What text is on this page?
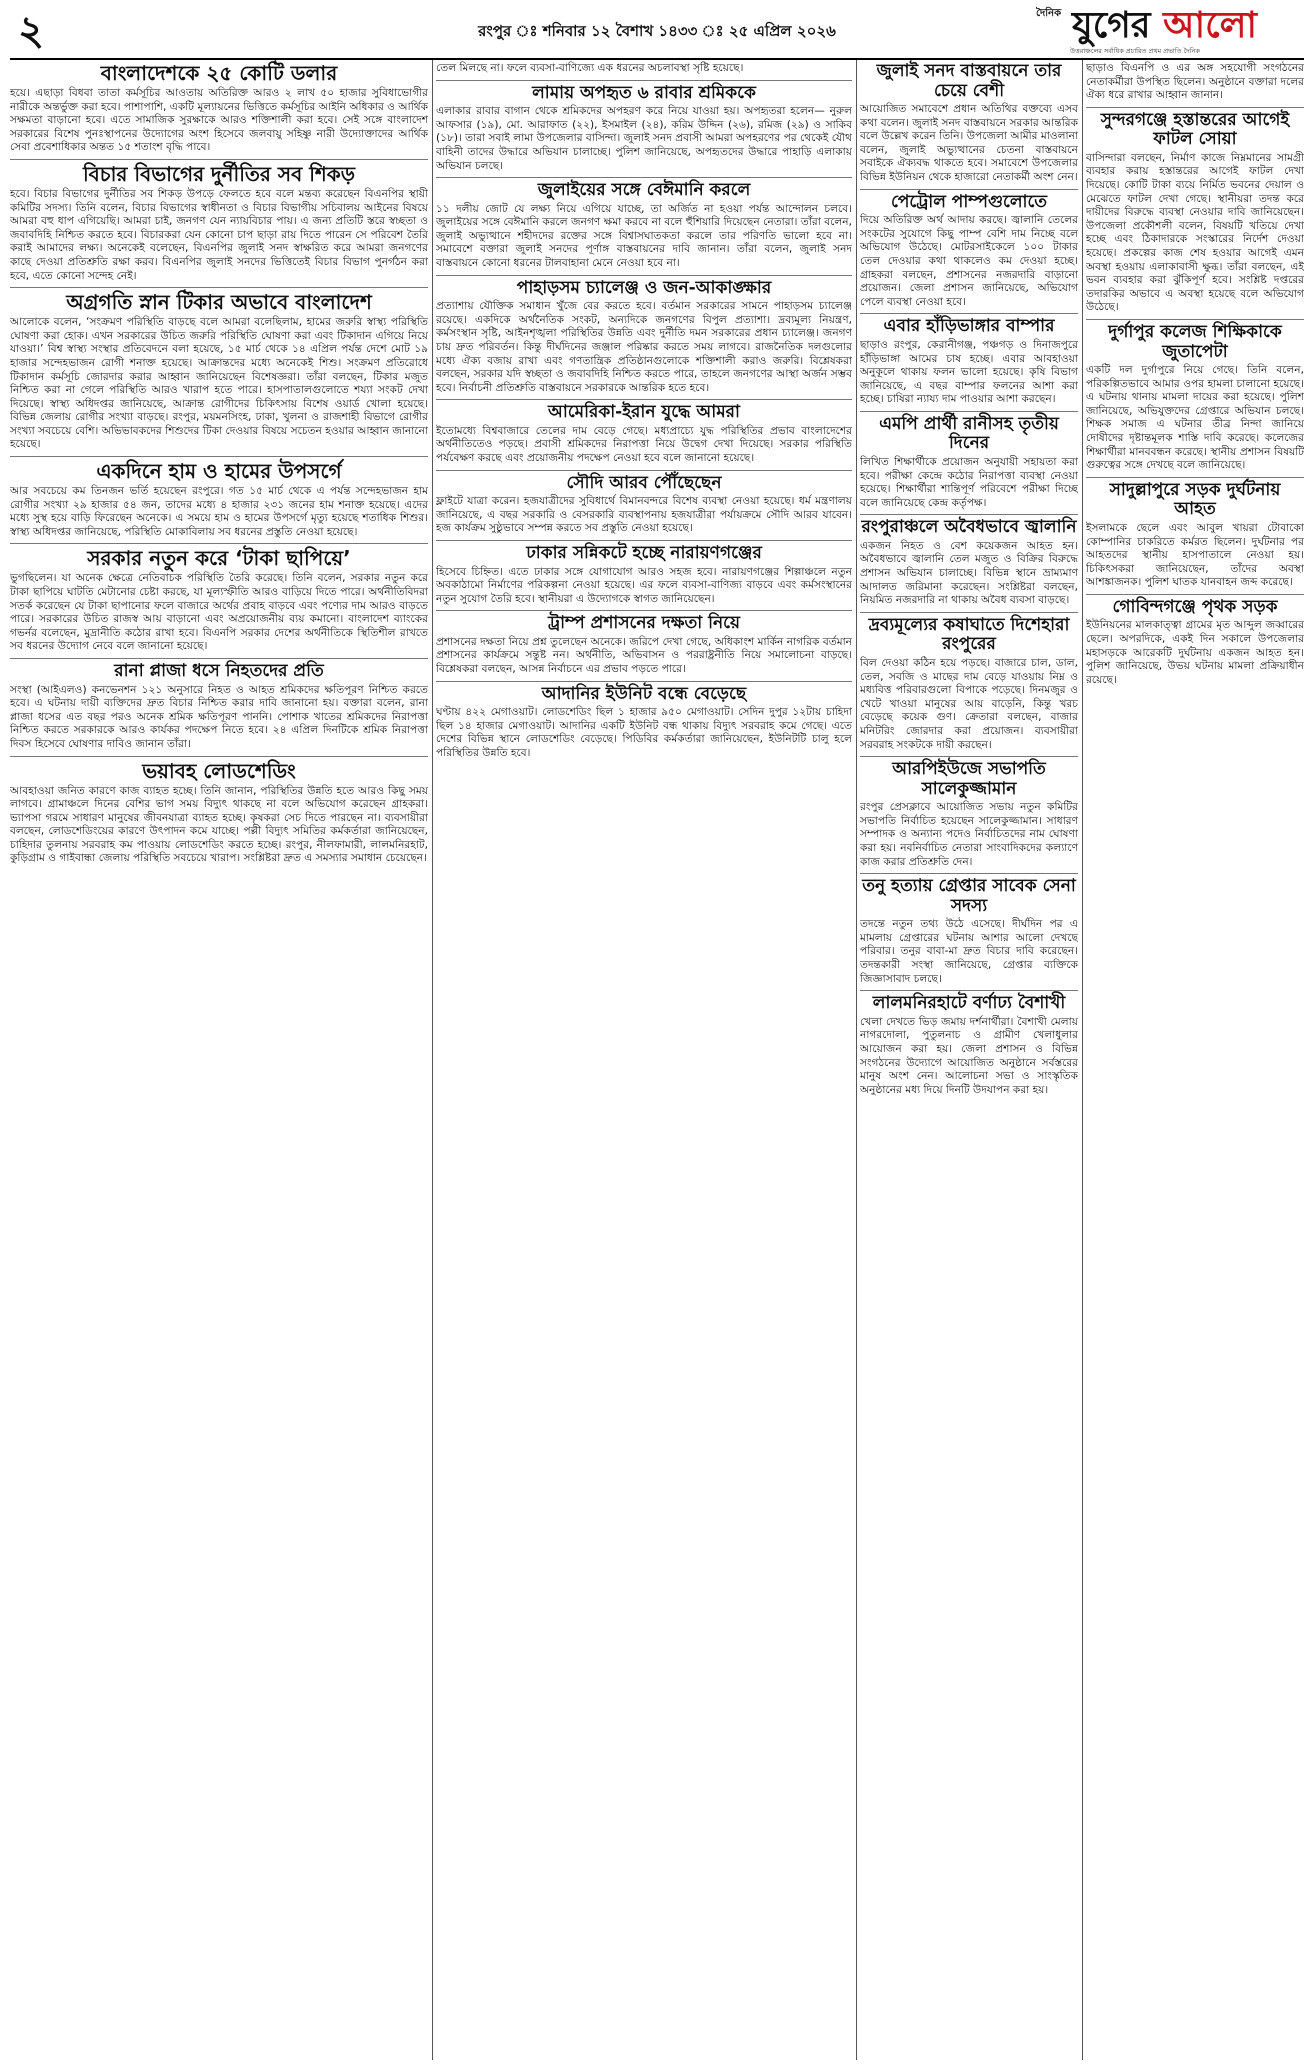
২	রংপুর ঃ শনিবার ১২ বৈশাখ ১৪৩৩ ঃ ২৫ এপ্রিল ২০২৬
দৈনিক যুগের আলো
উত্তরাঞ্চলের সর্বাধিক প্রচারিত প্রথম প্রভাতি দৈনিক
বাংলাদেশকে ২৫ কোটি ডলার

হয়ে। এছাড়া বিধবা তাতা কর্মসূচির আওতায় অতিরিক্ত আরও ২ লাখ ৫০ হাজার সুবিধাভোগীর নারীকে অন্তর্ভুক্ত করা হবে। পাশাপাশি, একটি মূল্যায়নের ভিত্তিতে কর্মসূচির আইনি অধিকার ও আর্থিক সক্ষমতা বাড়ানো হবে। এতে সামাজিক সুরক্ষাকে আরও শক্তিশালী করা হবে। সেই সঙ্গে বাংলাদেশ সরকারের বিশেষ পুনঃস্থাপনের উদ্যোগের অংশ হিসেবে জলবায়ু সহিষ্ণু নারী উদ্যোক্তাদের আর্থিক সেবা প্রবেশাধিকার অন্তত ১৫ শতাংশ বৃদ্ধি পাবে।

বিচার বিভাগের দুর্নীতির সব শিকড়

হবে। বিচার বিভাগের দুর্নীতির সব শিকড় উপড়ে ফেলতে হবে বলে মন্তব্য করেছেন বিএনপির স্থায়ী কমিটির সদস্য। তিনি বলেন, বিচার বিভাগের স্বাধীনতা ও বিচার বিভাগীয় সচিবালয় আইনের বিষয়ে আমরা বহু ধাপ এগিয়েছি। আমরা চাই, জনগণ যেন ন্যায়বিচার পায়। এ জন্য প্রতিটি স্তরে স্বচ্ছতা ও জবাবদিহি নিশ্চিত করতে হবে। বিচারকরা যেন কোনো চাপ ছাড়া রায় দিতে পারেন সে পরিবেশ তৈরি করাই আমাদের লক্ষ্য। অনেকেই বলেছেন, বিএনপির জুলাই সনদ স্বাক্ষরিত করে আমরা জনগণের কাছে দেওয়া প্রতিশ্রুতি রক্ষা করব। বিএনপির জুলাই সনদের ভিত্তিতেই বিচার বিভাগ পুনর্গঠন করা হবে, এতে কোনো সন্দেহ নেই।

অগ্রগতি স্নান টিকার অভাবে বাংলাদেশ

আলোকে বলেন, ‘সংক্রমণ পরিস্থিতি বাড়ছে বলে আমরা বলেছিলাম, হামের জরুরি স্বাস্থ্য পরিস্থিতি ঘোষণা করা হোক। এখন সরকারের উচিত জরুরি পরিস্থিতি ঘোষণা করা এবং টিকাদান এগিয়ে নিয়ে যাওয়া।’ বিশ্ব স্বাস্থ্য সংস্থার প্রতিবেদনে বলা হয়েছে, ১৫ মার্চ থেকে ১৪ এপ্রিল পর্যন্ত দেশে মোট ১৯ হাজার সন্দেহভাজন রোগী শনাক্ত হয়েছে। আক্রান্তদের মধ্যে অনেকেই শিশু। সংক্রমণ প্রতিরোধে টিকাদান কর্মসূচি জোরদার করার আহ্বান জানিয়েছেন বিশেষজ্ঞরা। তাঁরা বলছেন, টিকার মজুত নিশ্চিত করা না গেলে পরিস্থিতি আরও খারাপ হতে পারে। হাসপাতালগুলোতে শয্যা সংকট দেখা দিয়েছে। স্বাস্থ্য অধিদপ্তর জানিয়েছে, আক্রান্ত রোগীদের চিকিৎসায় বিশেষ ওয়ার্ড খোলা হয়েছে। বিভিন্ন জেলায় রোগীর সংখ্যা বাড়ছে। রংপুর, ময়মনসিংহ, ঢাকা, খুলনা ও রাজশাহী বিভাগে রোগীর সংখ্যা সবচেয়ে বেশি। অভিভাবকদের শিশুদের টিকা দেওয়ার বিষয়ে সচেতন হওয়ার আহ্বান জানানো হয়েছে।

একদিনে হাম ও হামের উপসর্গে

আর সবচেয়ে কম তিনজন ভর্তি হয়েছেন রংপুরে। গত ১৫ মার্চ থেকে এ পর্যন্ত সন্দেহভাজন হাম রোগীর সংখ্যা ২৯ হাজার ৫৪ জন, তাদের মধ্যে ৪ হাজার ২৩১ জনের হাম শনাক্ত হয়েছে। এদের মধ্যে সুস্থ হয়ে বাড়ি ফিরেছেন অনেকে। এ সময়ে হাম ও হামের উপসর্গে মৃত্যু হয়েছে শতাধিক শিশুর। স্বাস্থ্য অধিদপ্তর জানিয়েছে, পরিস্থিতি মোকাবিলায় সব ধরনের প্রস্তুতি নেওয়া হয়েছে।

সরকার নতুন করে ‘টাকা ছাপিয়ে’

ভুগছিলেন। যা অনেক ক্ষেত্রে নেতিবাচক পরিস্থিতি তৈরি করেছে। তিনি বলেন, সরকার নতুন করে টাকা ছাপিয়ে ঘাটতি মেটানোর চেষ্টা করছে, যা মূল্যস্ফীতি আরও বাড়িয়ে দিতে পারে। অর্থনীতিবিদরা সতর্ক করেছেন যে টাকা ছাপানোর ফলে বাজারে অর্থের প্রবাহ বাড়বে এবং পণ্যের দাম আরও বাড়তে পারে। সরকারের উচিত রাজস্ব আয় বাড়ানো এবং অপ্রয়োজনীয় ব্যয় কমানো। বাংলাদেশ ব্যাংকের গভর্নর বলেছেন, মুদ্রানীতি কঠোর রাখা হবে। বিএনপি সরকার দেশের অর্থনীতিকে স্থিতিশীল রাখতে সব ধরনের উদ্যোগ নেবে বলে জানানো হয়েছে।

রানা প্লাজা ধসে নিহতদের প্রতি

সংস্থা (আইএলও) কনভেনশন ১২১ অনুসারে নিহত ও আহত শ্রমিকদের ক্ষতিপূরণ নিশ্চিত করতে হবে। এ ঘটনায় দায়ী ব্যক্তিদের দ্রুত বিচার নিশ্চিত করার দাবি জানানো হয়। বক্তারা বলেন, রানা প্লাজা ধসের এত বছর পরও অনেক শ্রমিক ক্ষতিপূরণ পাননি। পোশাক খাতের শ্রমিকদের নিরাপত্তা নিশ্চিত করতে সরকারকে আরও কার্যকর পদক্ষেপ নিতে হবে। ২৪ এপ্রিল দিনটিকে শ্রমিক নিরাপত্তা দিবস হিসেবে ঘোষণার দাবিও জানান তাঁরা।

ভয়াবহ লোডশেডিং

আবহাওয়া জনিত কারণে কাজ ব্যাহত হচ্ছে। তিনি জানান, পরিস্থিতির উন্নতি হতে আরও কিছু সময় লাগবে। গ্রামাঞ্চলে দিনের বেশির ভাগ সময় বিদ্যুৎ থাকছে না বলে অভিযোগ করেছেন গ্রাহকরা। ভ্যাপসা গরমে সাধারণ মানুষের জীবনযাত্রা ব্যাহত হচ্ছে। কৃষকরা সেচ দিতে পারছেন না। ব্যবসায়ীরা বলছেন, লোডশেডিংয়ের কারণে উৎপাদন কমে যাচ্ছে। পল্লী বিদ্যুৎ সমিতির কর্মকর্তারা জানিয়েছেন, চাহিদার তুলনায় সরবরাহ কম পাওয়ায় লোডশেডিং করতে হচ্ছে। রংপুর, নীলফামারী, লালমনিরহাট, কুড়িগ্রাম ও গাইবান্ধা জেলায় পরিস্থিতি সবচেয়ে খারাপ। সংশ্লিষ্টরা দ্রুত এ সমস্যার সমাধান চেয়েছেন।

তেল মিলছে না। ফলে ব্যবসা-বাণিজ্যে এক ধরনের অচলাবস্থা সৃষ্টি হয়েছে।

লামায় অপহৃত ৬ রাবার শ্রমিককে

এলাকার রাবার বাগান থেকে শ্রমিকদের অপহরণ করে নিয়ে যাওয়া হয়। অপহৃতরা হলেন— নুরুল আফসার (১৯), মো. আরাফাত (২২), ইসমাইল (২৪), করিম উদ্দিন (২৬), রমিজ (২৯) ও সাকিব (১৮)। তারা সবাই লামা উপজেলার বাসিন্দা। জুলাই সনদ প্রবাসী আমরা অপহরণের পর থেকেই যৌথ বাহিনী তাদের উদ্ধারে অভিযান চালাচ্ছে। পুলিশ জানিয়েছে, অপহৃতদের উদ্ধারে পাহাড়ি এলাকায় অভিযান চলছে।

জুলাইয়ের সঙ্গে বেঈমানি করলে

১১ দলীয় জোট যে লক্ষ্য নিয়ে এগিয়ে যাচ্ছে, তা অর্জিত না হওয়া পর্যন্ত আন্দোলন চলবে। জুলাইয়ের সঙ্গে বেঈমানি করলে জনগণ ক্ষমা করবে না বলে হুঁশিয়ারি দিয়েছেন নেতারা। তাঁরা বলেন, জুলাই অভ্যুত্থানে শহীদদের রক্তের সঙ্গে বিশ্বাসঘাতকতা করলে তার পরিণতি ভালো হবে না। সমাবেশে বক্তারা জুলাই সনদের পূর্ণাঙ্গ বাস্তবায়নের দাবি জানান। তাঁরা বলেন, জুলাই সনদ বাস্তবায়নে কোনো ধরনের টালবাহানা মেনে নেওয়া হবে না।

পাহাড়সম চ্যালেঞ্জ ও জন-আকাঙ্ক্ষার

প্রত্যাশায় যৌক্তিক সমাধান খুঁজে বের করতে হবে। বর্তমান সরকারের সামনে পাহাড়সম চ্যালেঞ্জ রয়েছে। একদিকে অর্থনৈতিক সংকট, অন্যদিকে জনগণের বিপুল প্রত্যাশা। দ্রব্যমূল্য নিয়ন্ত্রণ, কর্মসংস্থান সৃষ্টি, আইনশৃঙ্খলা পরিস্থিতির উন্নতি এবং দুর্নীতি দমন সরকারের প্রধান চ্যালেঞ্জ। জনগণ চায় দ্রুত পরিবর্তন। কিন্তু দীর্ঘদিনের জঞ্জাল পরিষ্কার করতে সময় লাগবে। রাজনৈতিক দলগুলোর মধ্যে ঐক্য বজায় রাখা এবং গণতান্ত্রিক প্রতিষ্ঠানগুলোকে শক্তিশালী করাও জরুরি। বিশ্লেষকরা বলছেন, সরকার যদি স্বচ্ছতা ও জবাবদিহি নিশ্চিত করতে পারে, তাহলে জনগণের আস্থা অর্জন সম্ভব হবে। নির্বাচনী প্রতিশ্রুতি বাস্তবায়নে সরকারকে আন্তরিক হতে হবে।

আমেরিকা-ইরান যুদ্ধে আমরা

ইতোমধ্যে বিশ্ববাজারে তেলের দাম বেড়ে গেছে। মধ্যপ্রাচ্যে যুদ্ধ পরিস্থিতির প্রভাব বাংলাদেশের অর্থনীতিতেও পড়ছে। প্রবাসী শ্রমিকদের নিরাপত্তা নিয়ে উদ্বেগ দেখা দিয়েছে। সরকার পরিস্থিতি পর্যবেক্ষণ করছে এবং প্রয়োজনীয় পদক্ষেপ নেওয়া হবে বলে জানানো হয়েছে।

সৌদি আরব পৌঁছেছেন

ফ্লাইটে যাত্রা করেন। হজযাত্রীদের সুবিধার্থে বিমানবন্দরে বিশেষ ব্যবস্থা নেওয়া হয়েছে। ধর্ম মন্ত্রণালয় জানিয়েছে, এ বছর সরকারি ও বেসরকারি ব্যবস্থাপনায় হজযাত্রীরা পর্যায়ক্রমে সৌদি আরব যাবেন। হজ কার্যক্রম সুষ্ঠুভাবে সম্পন্ন করতে সব প্রস্তুতি নেওয়া হয়েছে।

ঢাকার সন্নিকটে হচ্ছে নারায়ণগঞ্জের

হিসেবে চিহ্নিত। এতে ঢাকার সঙ্গে যোগাযোগ আরও সহজ হবে। নারায়ণগঞ্জের শিল্পাঞ্চলে নতুন অবকাঠামো নির্মাণের পরিকল্পনা নেওয়া হয়েছে। এর ফলে ব্যবসা-বাণিজ্য বাড়বে এবং কর্মসংস্থানের নতুন সুযোগ তৈরি হবে। স্থানীয়রা এ উদ্যোগকে স্বাগত জানিয়েছেন।

ট্রাম্প প্রশাসনের দক্ষতা নিয়ে

প্রশাসনের দক্ষতা নিয়ে প্রশ্ন তুলেছেন অনেকে। জরিপে দেখা গেছে, অধিকাংশ মার্কিন নাগরিক বর্তমান প্রশাসনের কার্যক্রমে সন্তুষ্ট নন। অর্থনীতি, অভিবাসন ও পররাষ্ট্রনীতি নিয়ে সমালোচনা বাড়ছে। বিশ্লেষকরা বলছেন, আসন্ন নির্বাচনে এর প্রভাব পড়তে পারে।

আদানির ইউনিট বন্ধে বেড়েছে

ঘণ্টায় ৪২২ মেগাওয়াট। লোডশেডিং ছিল ১ হাজার ৯৫০ মেগাওয়াট। সেদিন দুপুর ১২টায় চাহিদা ছিল ১৪ হাজার মেগাওয়াট। আদানির একটি ইউনিট বন্ধ থাকায় বিদ্যুৎ সরবরাহ কমে গেছে। এতে দেশের বিভিন্ন স্থানে লোডশেডিং বেড়েছে। পিডিবির কর্মকর্তারা জানিয়েছেন, ইউনিটটি চালু হলে পরিস্থিতির উন্নতি হবে।

জুলাই সনদ বাস্তবায়নে তার চেয়ে বেশী

আয়োজিত সমাবেশে প্রধান অতিথির বক্তব্যে এসব কথা বলেন। জুলাই সনদ বাস্তবায়নে সরকার আন্তরিক বলে উল্লেখ করেন তিনি। উপজেলা আমীর মাওলানা বলেন, জুলাই অভ্যুত্থানের চেতনা বাস্তবায়নে সবাইকে ঐক্যবদ্ধ থাকতে হবে। সমাবেশে উপজেলার বিভিন্ন ইউনিয়ন থেকে হাজারো নেতাকর্মী অংশ নেন।

পেট্রোল পাম্পগুলোতে

দিয়ে অতিরিক্ত অর্থ আদায় করছে। জ্বালানি তেলের সংকটের সুযোগে কিছু পাম্প বেশি দাম নিচ্ছে বলে অভিযোগ উঠেছে। মোটরসাইকেলে ১০০ টাকার তেল দেওয়ার কথা থাকলেও কম দেওয়া হচ্ছে। গ্রাহকরা বলছেন, প্রশাসনের নজরদারি বাড়ানো প্রয়োজন। জেলা প্রশাসন জানিয়েছে, অভিযোগ পেলে ব্যবস্থা নেওয়া হবে।

এবার হাঁড়িভাঙ্গার বাম্পার

ছাড়াও রংপুর, কেরানীগঞ্জ, পঞ্চগড় ও দিনাজপুরে হাঁড়িভাঙ্গা আমের চাষ হচ্ছে। এবার আবহাওয়া অনুকূলে থাকায় ফলন ভালো হয়েছে। কৃষি বিভাগ জানিয়েছে, এ বছর বাম্পার ফলনের আশা করা হচ্ছে। চাষিরা ন্যায্য দাম পাওয়ার আশা করছেন।

এমপি প্রার্থী রানীসহ তৃতীয় দিনের

লিখিত শিক্ষার্থীকে প্রয়োজন অনুযায়ী সহায়তা করা হবে। পরীক্ষা কেন্দ্রে কঠোর নিরাপত্তা ব্যবস্থা নেওয়া হয়েছে। শিক্ষার্থীরা শান্তিপূর্ণ পরিবেশে পরীক্ষা দিচ্ছে বলে জানিয়েছে কেন্দ্র কর্তৃপক্ষ।

রংপুরাঞ্চলে অবৈধভাবে জ্বালানি

একজন নিহত ও বেশ কয়েকজন আহত হন। অবৈধভাবে জ্বালানি তেল মজুত ও বিক্রির বিরুদ্ধে প্রশাসন অভিযান চালাচ্ছে। বিভিন্ন স্থানে ভ্রাম্যমাণ আদালত জরিমানা করেছেন। সংশ্লিষ্টরা বলছেন, নিয়মিত নজরদারি না থাকায় অবৈধ ব্যবসা বাড়ছে।

দ্রব্যমূল্যের কষাঘাতে দিশেহারা রংপুরের

বিল দেওয়া কঠিন হয়ে পড়ছে। বাজারে চাল, ডাল, তেল, সবজি ও মাছের দাম বেড়ে যাওয়ায় নিম্ন ও মধ্যবিত্ত পরিবারগুলো বিপাকে পড়েছে। দিনমজুর ও খেটে খাওয়া মানুষের আয় বাড়েনি, কিন্তু খরচ বেড়েছে কয়েক গুণ। ক্রেতারা বলছেন, বাজার মনিটরিং জোরদার করা প্রয়োজন। ব্যবসায়ীরা সরবরাহ সংকটকে দায়ী করছেন।

আরপিইউজে সভাপতি সালেকুজ্জামান

রংপুর প্রেসক্লাবে আয়োজিত সভায় নতুন কমিটির সভাপতি নির্বাচিত হয়েছেন সালেকুজ্জামান। সাধারণ সম্পাদক ও অন্যান্য পদেও নির্বাচিতদের নাম ঘোষণা করা হয়। নবনির্বাচিত নেতারা সাংবাদিকদের কল্যাণে কাজ করার প্রতিশ্রুতি দেন।

তনু হত্যায় গ্রেপ্তার সাবেক সেনা সদস্য

তদন্তে নতুন তথ্য উঠে এসেছে। দীর্ঘদিন পর এ মামলায় গ্রেপ্তারের ঘটনায় আশার আলো দেখছে পরিবার। তনুর বাবা-মা দ্রুত বিচার দাবি করেছেন। তদন্তকারী সংস্থা জানিয়েছে, গ্রেপ্তার ব্যক্তিকে জিজ্ঞাসাবাদ চলছে।

লালমনিরহাটে বর্ণাঢ্য বৈশাখী

খেলা দেখতে ভিড় জমায় দর্শনার্থীরা। বৈশাখী মেলায় নাগরদোলা, পুতুলনাচ ও গ্রামীণ খেলাধুলার আয়োজন করা হয়। জেলা প্রশাসন ও বিভিন্ন সংগঠনের উদ্যোগে আয়োজিত অনুষ্ঠানে সর্বস্তরের মানুষ অংশ নেন। আলোচনা সভা ও সাংস্কৃতিক অনুষ্ঠানের মধ্য দিয়ে দিনটি উদযাপন করা হয়।

ছাড়াও বিএনপি ও এর অঙ্গ সহযোগী সংগঠনের নেতাকর্মীরা উপস্থিত ছিলেন। অনুষ্ঠানে বক্তারা দলের ঐক্য ধরে রাখার আহ্বান জানান।

সুন্দরগঞ্জে হস্তান্তরের আগেই ফাটল সোয়া

বাসিন্দারা বলছেন, নির্মাণ কাজে নিম্নমানের সামগ্রী ব্যবহার করায় হস্তান্তরের আগেই ফাটল দেখা দিয়েছে। কোটি টাকা ব্যয়ে নির্মিত ভবনের দেয়াল ও মেঝেতে ফাটল দেখা গেছে। স্থানীয়রা তদন্ত করে দায়ীদের বিরুদ্ধে ব্যবস্থা নেওয়ার দাবি জানিয়েছেন। উপজেলা প্রকৌশলী বলেন, বিষয়টি খতিয়ে দেখা হচ্ছে এবং ঠিকাদারকে সংস্কারের নির্দেশ দেওয়া হয়েছে। প্রকল্পের কাজ শেষ হওয়ার আগেই এমন অবস্থা হওয়ায় এলাকাবাসী ক্ষুব্ধ। তাঁরা বলছেন, এই ভবন ব্যবহার করা ঝুঁকিপূর্ণ হবে। সংশ্লিষ্ট দপ্তরের তদারকির অভাবে এ অবস্থা হয়েছে বলে অভিযোগ উঠেছে।

দুর্গাপুর কলেজ শিক্ষিকাকে জুতাপেটা

একটি দল দুর্গাপুরে নিয়ে গেছে। তিনি বলেন, পরিকল্পিতভাবে আমার ওপর হামলা চালানো হয়েছে। এ ঘটনায় থানায় মামলা দায়ের করা হয়েছে। পুলিশ জানিয়েছে, অভিযুক্তদের গ্রেপ্তারে অভিযান চলছে। শিক্ষক সমাজ এ ঘটনার তীব্র নিন্দা জানিয়ে দোষীদের দৃষ্টান্তমূলক শাস্তি দাবি করেছে। কলেজের শিক্ষার্থীরা মানববন্ধন করেছে। স্থানীয় প্রশাসন বিষয়টি গুরুত্বের সঙ্গে দেখছে বলে জানিয়েছে।

সাদুল্লাপুরে সড়ক দুর্ঘটনায় আহত

ইসলামকে ছেলে এবং আবুল খায়রা টোবাকো কোম্পানির চাকরিতে কর্মরত ছিলেন। দুর্ঘটনার পর আহতদের স্থানীয় হাসপাতালে নেওয়া হয়। চিকিৎসকরা জানিয়েছেন, তাঁদের অবস্থা আশঙ্কাজনক। পুলিশ ঘাতক যানবাহন জব্দ করেছে।

গোবিন্দগঞ্জে পৃথক সড়ক

ইউনিয়নের মালকাত্ত্বা গ্রামের মৃত আব্দুল জব্বারের ছেলে। অপরদিকে, একই দিন সকালে উপজেলার মহাসড়কে আরেকটি দুর্ঘটনায় একজন আহত হন। পুলিশ জানিয়েছে, উভয় ঘটনায় মামলা প্রক্রিয়াধীন রয়েছে।
